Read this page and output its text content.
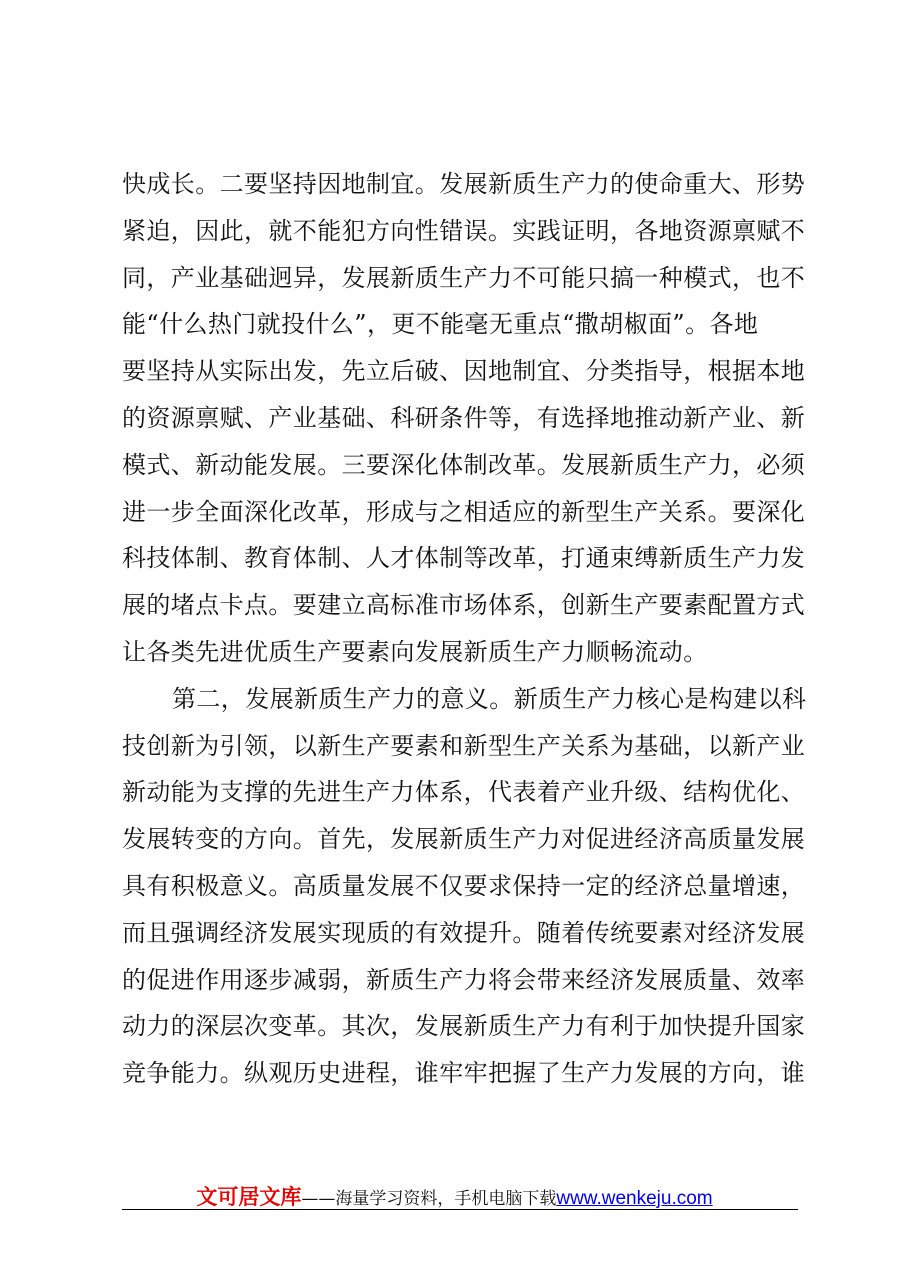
快成长。二要坚持因地制宜。发展新质生产力的使命重大、形势
紧迫，因此，就不能犯方向性错误。实践证明，各地资源禀赋不
同，产业基础迥异，发展新质生产力不可能只搞一种模式，也不
能“什么热门就投什么”，更不能毫无重点“撒胡椒面”。各地
要坚持从实际出发，先立后破、因地制宜、分类指导，根据本地
的资源禀赋、产业基础、科研条件等，有选择地推动新产业、新
模式、新动能发展。三要深化体制改革。发展新质生产力，必须
进一步全面深化改革，形成与之相适应的新型生产关系。要深化
科技体制、教育体制、人才体制等改革，打通束缚新质生产力发
展的堵点卡点。要建立高标准市场体系，创新生产要素配置方式
让各类先进优质生产要素向发展新质生产力顺畅流动。
第二，发展新质生产力的意义。新质生产力核心是构建以科
技创新为引领，以新生产要素和新型生产关系为基础，以新产业
新动能为支撑的先进生产力体系，代表着产业升级、结构优化、
发展转变的方向。首先，发展新质生产力对促进经济高质量发展
具有积极意义。高质量发展不仅要求保持一定的经济总量增速，
而且强调经济发展实现质的有效提升。随着传统要素对经济发展
的促进作用逐步减弱，新质生产力将会带来经济发展质量、效率
动力的深层次变革。其次，发展新质生产力有利于加快提升国家
竞争能力。纵观历史进程，谁牢牢把握了生产力发展的方向，谁
文可居文库——海量学习资料，手机电脑下载www.wenkeju.com
